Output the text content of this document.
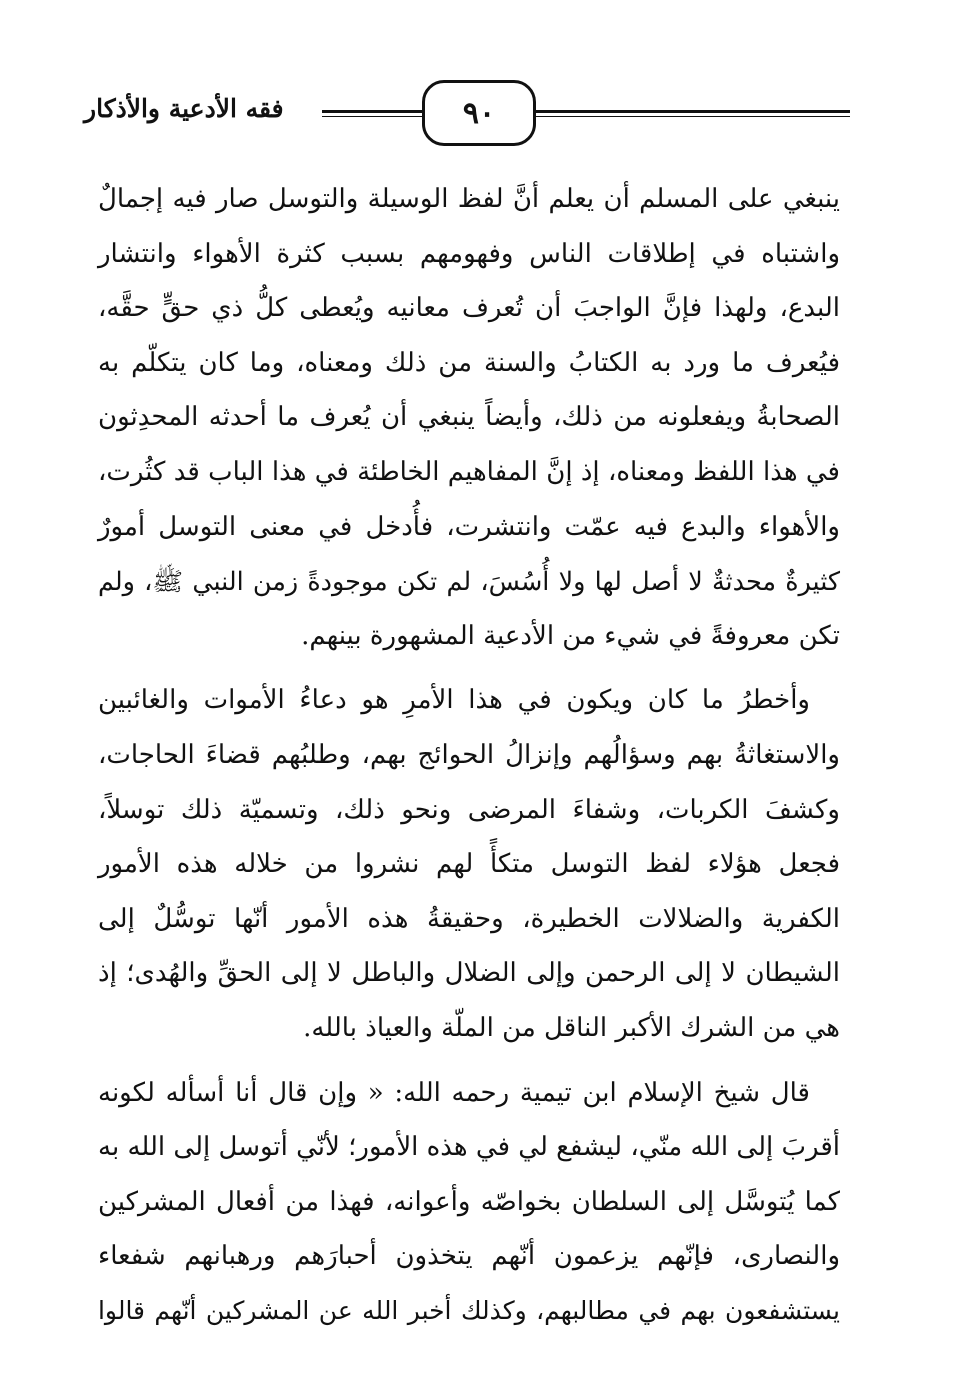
٩٠
فقه الأدعية والأذكار
ينبغي على المسلم أن يعلم أنَّ لفظ الوسيلة والتوسل صار فيه إجمالٌ
واشتباه في إطلاقات الناس وفهومهم بسبب كثرة الأهواء وانتشار
البدع، ولهذا فإنَّ الواجبَ أن تُعرف معانيه ويُعطى كلُّ ذي حقٍّ حقَّه،
فيُعرف ما ورد به الكتابُ والسنة من ذلك ومعناه، وما كان يتكلّم به
الصحابةُ ويفعلونه من ذلك، وأيضاً ينبغي أن يُعرف ما أحدثه المحدِثون
في هذا اللفظ ومعناه، إذ إنَّ المفاهيم الخاطئة في هذا الباب قد كثُرت،
والأهواء والبدع فيه عمّت وانتشرت، فأُدخل في معنى التوسل أمورٌ
كثيرةٌ محدثةٌ لا أصل لها ولا أُسُسَ، لم تكن موجودةً زمن النبي ﷺ، ولم
تكن معروفةً في شيء من الأدعية المشهورة بينهم.
وأخطرُ ما كان ويكون في هذا الأمرِ هو دعاءُ الأموات والغائبين
والاستغاثةُ بهم وسؤالُهم وإنزالُ الحوائج بهم، وطلبُهم قضاءَ الحاجات،
وكشفَ الكربات، وشفاءَ المرضى ونحو ذلك، وتسميّة ذلك توسلاً،
فجعل هؤلاء لفظ التوسل متكأً لهم نشروا من خلاله هذه الأمور
الكفرية والضلالات الخطيرة، وحقيقةُ هذه الأمور أنّها توسُّلٌ إلى
الشيطان لا إلى الرحمن وإلى الضلال والباطل لا إلى الحقِّ والهُدى؛ إذ
هي من الشرك الأكبر الناقل من الملّة والعياذ بالله.
قال شيخ الإسلام ابن تيمية رحمه الله: « وإن قال أنا أسأله لكونه
أقربَ إلى الله منّي، ليشفع لي في هذه الأمور؛ لأنّي أتوسل إلى الله به
كما يُتوسَّل إلى السلطان بخواصّه وأعوانه، فهذا من أفعال المشركين
والنصارى، فإنّهم يزعمون أنّهم يتخذون أحبارَهم ورهبانهم شفعاء
يستشفعون بهم في مطالبهم، وكذلك أخبر الله عن المشركين أنّهم قالوا
